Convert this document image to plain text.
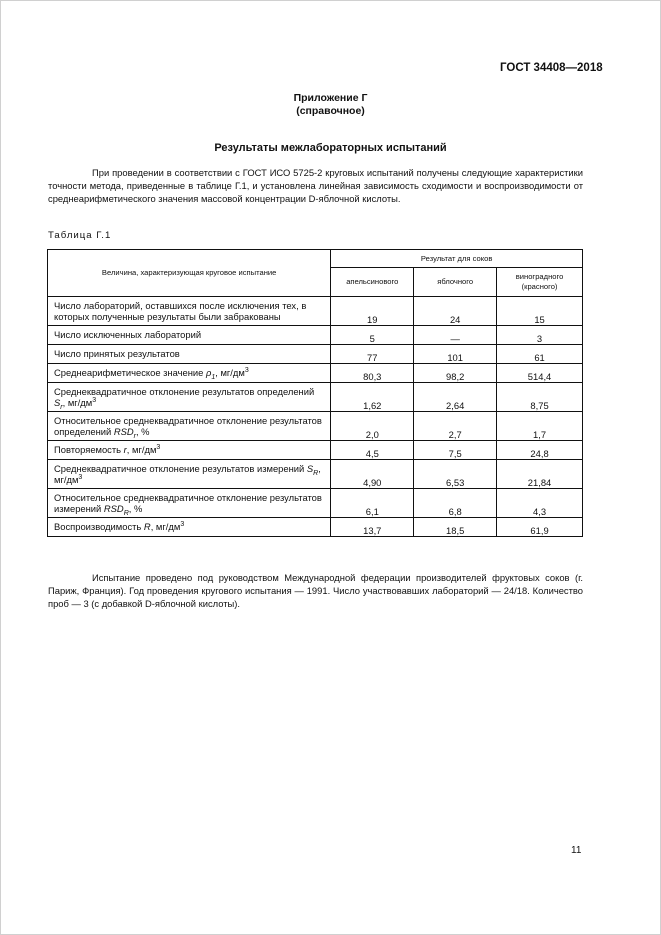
ГОСТ 34408—2018
Приложение Г
(справочное)
Результаты межлабораторных испытаний
При проведении в соответствии с ГОСТ ИСО 5725-2 круговых испытаний получены следующие характеристики точности метода, приведенные в таблице Г.1, и установлена линейная зависимость сходимости и воспроизводимости от среднеарифметического значения массовой концентрации D-яблочной кислоты.
Таблица Г.1
Величина, характеризующая круговое испытание	Результат для соков		
	апельсинового	яблочного	виноградного (красного)
Число лабораторий, оставшихся после исключения тех, в которых полученные результаты были забракованы	19	24	15
Число исключенных лабораторий	5	—	3
Число принятых результатов	77	101	61
Среднеарифметическое значение $\rho_1$, $мг/дм^3$	80,3	98,2	514,4
Среднеквадратичное отклонение результатов определений $S_r$, $мг/дм^3$	1,62	2,64	8,75
Относительное среднеквадратичное отклонение результатов определений $RSD_r$, %	2,0	2,7	1,7
Повторяемость r, $мг/дм^3$	4,5	7,5	24,8
Среднеквадратичное отклонение результатов измерений $S_R$, $мг/дм^3$	4,90	6,53	21,84
Относительное среднеквадратичное отклонение результатов измерений $RSD_R$, %	6,1	6,8	4,3
Воспроизводимость R, $мг/дм^3$	13,7	18,5	61,9
Испытание проведено под руководством Международной федерации производителей фруктовых соков (г. Париж, Франция). Год проведения кругового испытания — 1991. Число участвовавших лабораторий — 24/18. Количество проб — 3 (с добавкой D-яблочной кислоты).
11
